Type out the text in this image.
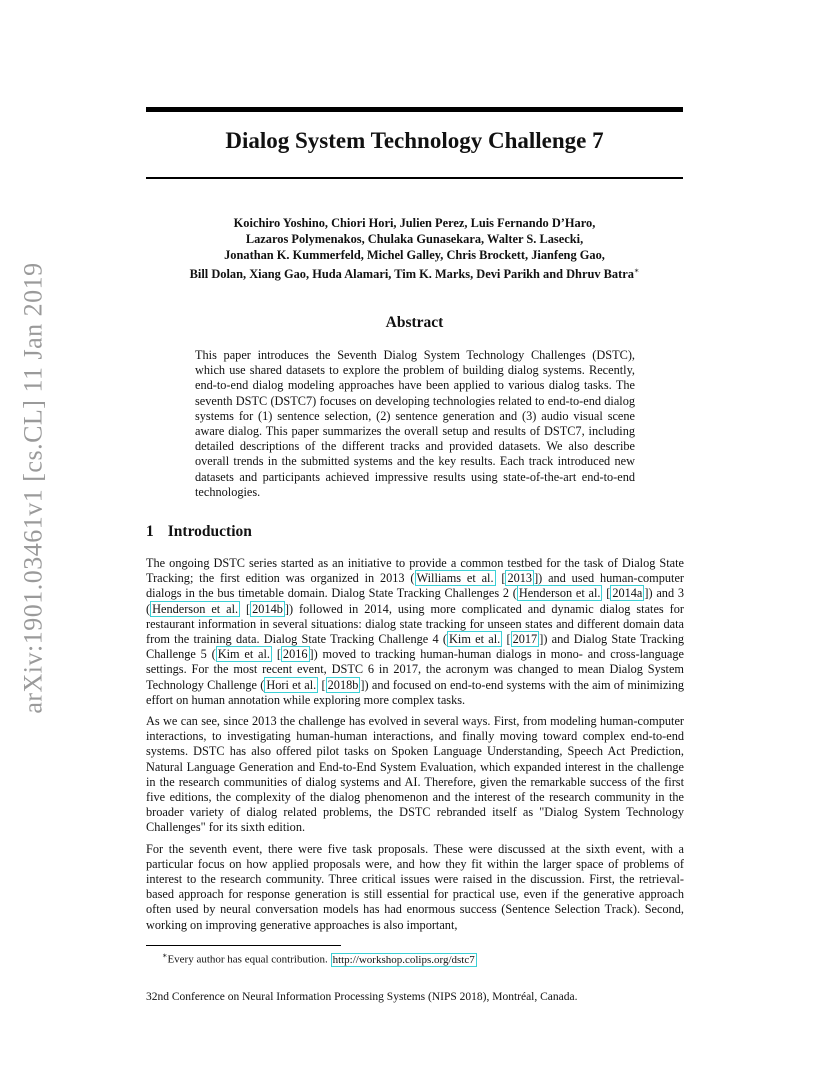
arXiv:1901.03461v1 [cs.CL] 11 Jan 2019
Dialog System Technology Challenge 7

Koichiro Yoshino, Chiori Hori, Julien Perez, Luis Fernando D’Haro,

Lazaros Polymenakos, Chulaka Gunasekara, Walter S. Lasecki,

Jonathan K. Kummerfeld, Michel Galley, Chris Brockett, Jianfeng Gao,

Bill Dolan, Xiang Gao, Huda Alamari, Tim K. Marks, Devi Parikh and Dhruv Batra∗

Abstract

This paper introduces the Seventh Dialog System Technology Challenges (DSTC), which use shared datasets to explore the problem of building dialog systems. Recently, end-to-end dialog modeling approaches have been applied to various dialog tasks. The seventh DSTC (DSTC7) focuses on developing technologies related to end-to-end dialog systems for (1) sentence selection, (2) sentence generation and (3) audio visual scene aware dialog. This paper summarizes the overall setup and results of DSTC7, including detailed descriptions of the different tracks and provided datasets. We also describe overall trends in the submitted systems and the key results. Each track introduced new datasets and participants achieved impressive results using state-of-the-art end-to-end technologies.

1 Introduction

The ongoing DSTC series started as an initiative to provide a common testbed for the task of Dialog State Tracking; the first edition was organized in 2013 ( Williams et al. [ 2013 ]) and used human-computer dialogs in the bus timetable domain. Dialog State Tracking Challenges 2 ( Henderson et al. [ 2014a ]) and 3 ( Henderson et al. [ 2014b ]) followed in 2014, using more complicated and dynamic dialog states for restaurant information in several situations: dialog state tracking for unseen states and different domain data from the training data. Dialog State Tracking Challenge 4 ( Kim et al. [ 2017 ]) and Dialog State Tracking Challenge 5 ( Kim et al. [ 2016 ]) moved to tracking human-human dialogs in mono- and cross-language settings. For the most recent event, DSTC 6 in 2017, the acronym was changed to mean Dialog System Technology Challenge ( Hori et al. [ 2018b ]) and focused on end-to-end systems with the aim of minimizing effort on human annotation while exploring more complex tasks.

As we can see, since 2013 the challenge has evolved in several ways. First, from modeling human-computer interactions, to investigating human-human interactions, and finally moving toward complex end-to-end systems. DSTC has also offered pilot tasks on Spoken Language Understanding, Speech Act Prediction, Natural Language Generation and End-to-End System Evaluation, which expanded interest in the challenge in the research communities of dialog systems and AI. Therefore, given the remarkable success of the first five editions, the complexity of the dialog phenomenon and the interest of the research community in the broader variety of dialog related problems, the DSTC rebranded itself as "Dialog System Technology Challenges" for its sixth edition.

For the seventh event, there were five task proposals. These were discussed at the sixth event, with a particular focus on how applied proposals were, and how they fit within the larger space of problems of interest to the research community. Three critical issues were raised in the discussion. First, the retrieval-based approach for response generation is still essential for practical use, even if the generative approach often used by neural conversation models has had enormous success (Sentence Selection Track). Second, working on improving generative approaches is also important,

∗Every author has equal contribution. http://workshop.colips.org/dstc7

32nd Conference on Neural Information Processing Systems (NIPS 2018), Montréal, Canada.
